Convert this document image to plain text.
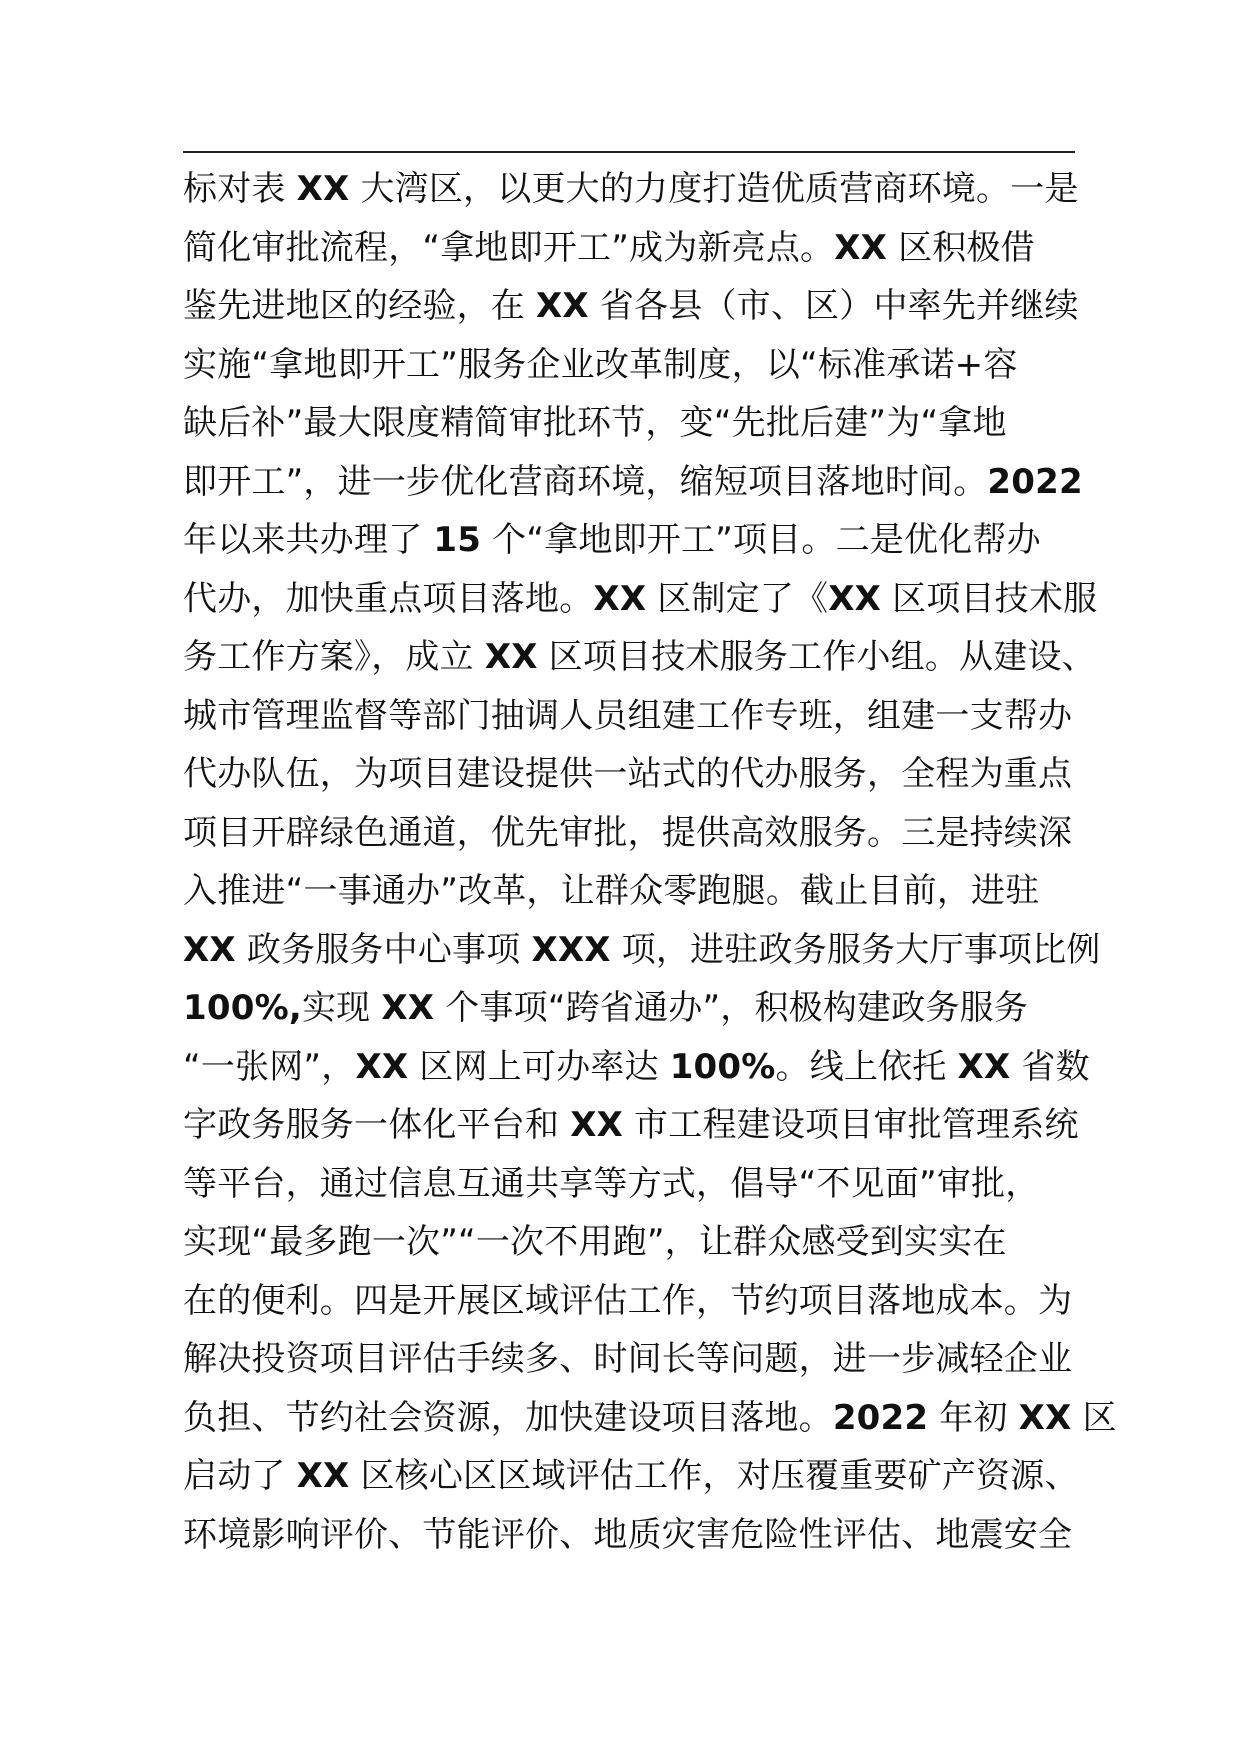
标对表 XX 大湾区，以更大的力度打造优质营商环境。一是
简化审批流程，“拿地即开工”成为新亮点。XX 区积极借
鉴先进地区的经验，在 XX 省各县（市、区）中率先并继续
实施“拿地即开工”服务企业改革制度，以“标准承诺+容
缺后补”最大限度精简审批环节，变“先批后建”为“拿地
即开工”，进一步优化营商环境，缩短项目落地时间。2022
年以来共办理了 15 个“拿地即开工”项目。二是优化帮办
代办，加快重点项目落地。XX 区制定了《XX 区项目技术服
务工作方案》，成立 XX 区项目技术服务工作小组。从建设、
城市管理监督等部门抽调人员组建工作专班，组建一支帮办
代办队伍，为项目建设提供一站式的代办服务，全程为重点
项目开辟绿色通道，优先审批，提供高效服务。三是持续深
入推进“一事通办”改革，让群众零跑腿。截止目前，进驻
XX 政务服务中心事项 XXX 项，进驻政务服务大厅事项比例
100%,实现 XX 个事项“跨省通办”，积极构建政务服务
“一张网”，XX 区网上可办率达 100%。线上依托 XX 省数
字政务服务一体化平台和 XX 市工程建设项目审批管理系统
等平台，通过信息互通共享等方式，倡导“不见面”审批，
实现“最多跑一次”“一次不用跑”，让群众感受到实实在
在的便利。四是开展区域评估工作，节约项目落地成本。为
解决投资项目评估手续多、时间长等问题，进一步减轻企业
负担、节约社会资源，加快建设项目落地。2022 年初 XX 区
启动了 XX 区核心区区域评估工作，对压覆重要矿产资源、
环境影响评价、节能评价、地质灾害危险性评估、地震安全
